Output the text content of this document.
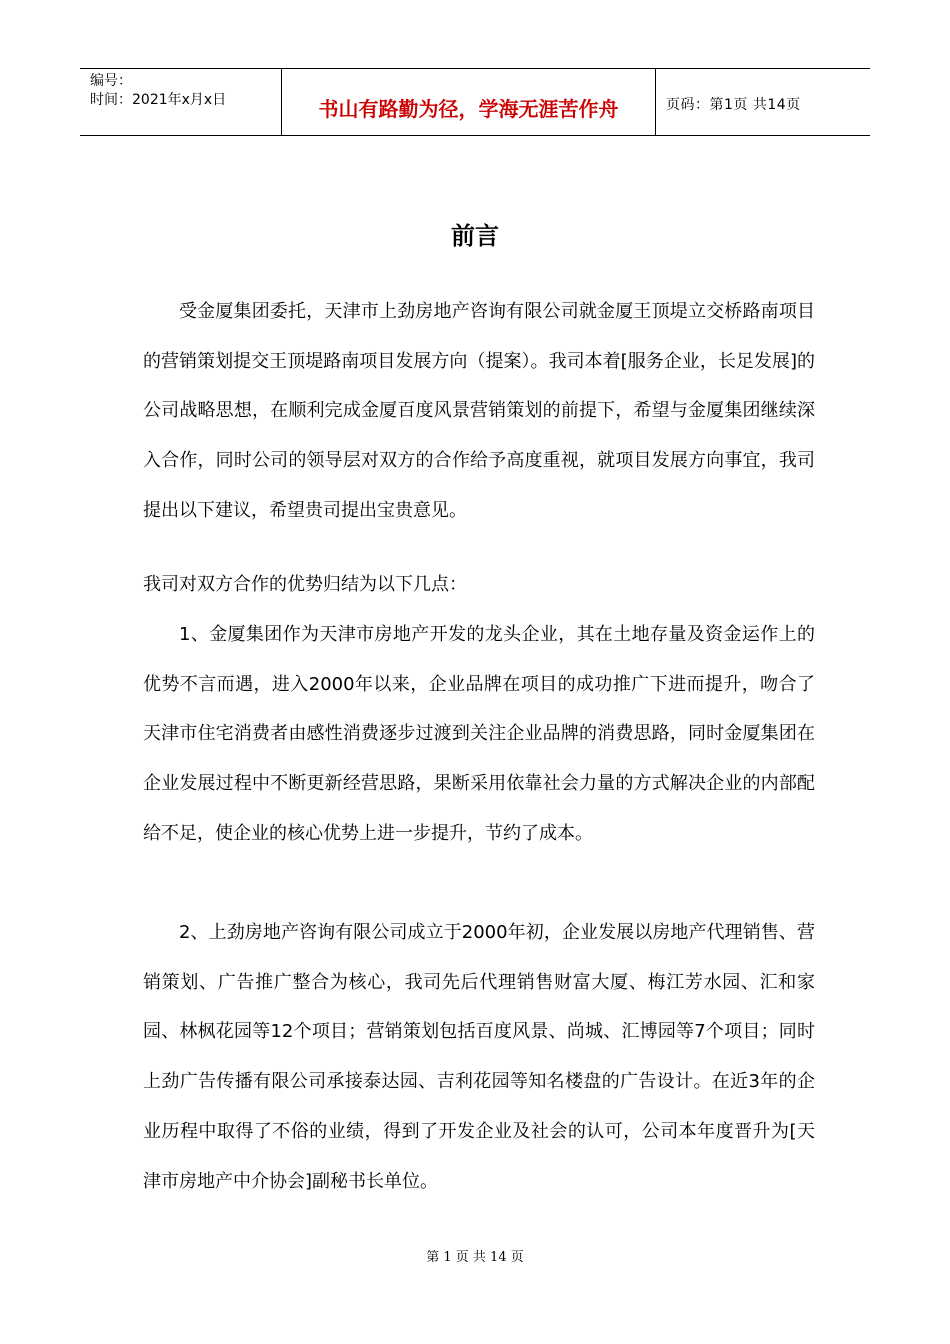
编号：
时间：2021年x月x日	书山有路勤为径，学海无涯苦作舟	页码：第1页 共14页
前言

受金厦集团委托，天津市上劲房地产咨询有限公司就金厦王顶堤立交桥路南项目的营销策划提交王顶堤路南项目发展方向（提案）。我司本着[服务企业，长足发展]的公司战略思想，在顺利完成金厦百度风景营销策划的前提下，希望与金厦集团继续深入合作，同时公司的领导层对双方的合作给予高度重视，就项目发展方向事宜，我司提出以下建议，希望贵司提出宝贵意见。

我司对双方合作的优势归结为以下几点：

1、金厦集团作为天津市房地产开发的龙头企业，其在土地存量及资金运作上的优势不言而遇，进入2000年以来，企业品牌在项目的成功推广下进而提升，吻合了天津市住宅消费者由感性消费逐步过渡到关注企业品牌的消费思路，同时金厦集团在企业发展过程中不断更新经营思路，果断采用依靠社会力量的方式解决企业的内部配给不足，使企业的核心优势上进一步提升，节约了成本。

2、上劲房地产咨询有限公司成立于2000年初，企业发展以房地产代理销售、营销策划、广告推广整合为核心，我司先后代理销售财富大厦、梅江芳水园、汇和家园、林枫花园等12个项目；营销策划包括百度风景、尚城、汇博园等7个项目；同时上劲广告传播有限公司承接泰达园、吉利花园等知名楼盘的广告设计。在近3年的企业历程中取得了不俗的业绩，得到了开发企业及社会的认可，公司本年度晋升为[天津市房地产中介协会]副秘书长单位。

第 1 页 共 14 页
